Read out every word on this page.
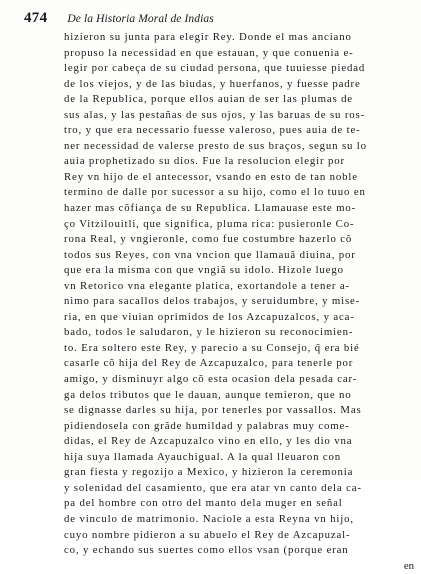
474 De la Historia Moral de Indias
hizieron su junta para elegir Rey. Donde el mas anciano
propuso la necessidad en que estauan, y que conuenia e-
legir por cabeça de su ciudad persona, que tuuiesse piedad
de los viejos, y de las biudas, y huerfanos, y fuesse padre
de la Republica, porque ellos auian de ser las plumas de
sus alas, y las pestañas de sus ojos, y las baruas de su ros-
tro, y que era necessario fuesse valeroso, pues auia de te-
ner necessidad de valerse presto de sus braços, segun su lo
auia prophetizado su dios. Fue la resolucion elegir por
Rey vn hijo de el antecessor, vsando en esto de tan noble
termino de dalle por sucessor a su hijo, como el lo tuuo en
hazer mas cõfiança de su Republica. Llamauase este mo-
ço Vitzilouitli, que significa, pluma rica: pusieronle Co-
rona Real, y vngieronle, como fue costumbre hazerlo cõ
todos sus Reyes, con vna vncion que llamauã diuina, por
que era la misma con que vngiã su idolo. Hizole luego
vn Retorico vna elegante platica, exortandole a tener a-
nimo para sacallos delos trabajos, y seruidumbre, y mise-
ria, en que viuian oprimidos de los Azcapuzalcos, y aca-
bado, todos le saludaron, y le hizieron su reconocimien-
to. Era soltero este Rey, y parecio a su Consejo, q̃ era bié
casarle cõ hija del Rey de Azcapuzalco, para tenerle por
amigo, y disminuyr algo cõ esta ocasion dela pesada car-
ga delos tributos que le dauan, aunque temieron, que no
se dignasse darles su hija, por tenerles por vassallos. Mas
pidiendosela con grãde humildad y palabras muy come-
didas, el Rey de Azcapuzalco vino en ello, y les dio vna
hija suya llamada Ayauchigual. A la qual lleuaron con
gran fiesta y regozijo a Mexico, y hizieron la ceremonia
y solenidad del casamiento, que era atar vn canto dela ca-
pa del hombre con otro del manto dela muger en señal
de vinculo de matrimonio. Naciole a esta Reyna vn hijo,
cuyo nombre pidieron a su abuelo el Rey de Azcapuzal-
co, y echando sus suertes como ellos vsan (porque eran
en
